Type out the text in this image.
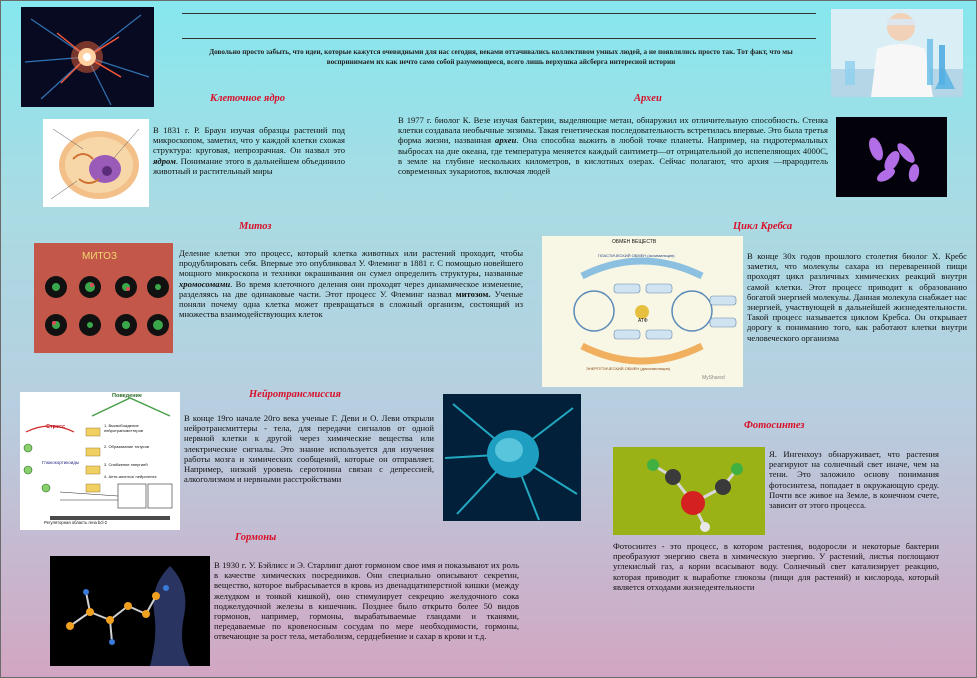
Довольно просто забыть, что идеи, которые кажутся очевидными для нас сегодня, веками оттачивались коллективом умных людей, а не появлялись просто так. Тот факт, что мы воспринимаем их как нечто само собой разумеющееся, всего лишь верхушка айсберга интересной истории
Клеточное ядро
В 1831 г. Р. Браун изучая образцы растений под микроскопом, заметил, что у каждой клетки схожая структура: круговая, непрозрачная. Он назвал это ядром. Понимание этого в дальнейшем объединило животный и растительный миры
Археи
В 1977 г. биолог К. Везе изучая бактерии, выделяющие метан, обнаружил их отличительную способность. Стенка клетки создавала необычные энзимы. Такая генетическая последовательность встретилась впервые. Это была третья форма жизни, названная археи. Она способна выжить в любой точке планеты. Например, на гидротермальных выбросах на дне океана, где температура меняется каждый сантиметр—от отрицательной до испепеляющих 4000С, в земле на глубине нескольких километров, в кислотных озерах. Сейчас полагают, что архия —прародитель современных эукариотов, включая людей
Митоз
МИТОЗ	Деление клетки это процесс, который клетка животных или растений проходит, чтобы продублировать себя. Впервые это опубликовал У. Флеминг в 1881 г. С помощью новейшего мощного микроскопа и техники окрашивания он сумел определить структуры, названные хромосомами. Во время клеточного деления они проходят через динамическое изменение, разделяясь на две одинаковые части. Этот процесс У. Флеминг назвал митозом. Ученые поняли почему одна клетка может превращаться в сложный организм, состоящий из множества взаимодействующих клеток
Цикл Кребса
ОБМЕН ВЕЩЕСТВ
ПЛАСТИЧЕСКИЙ ОБМЕН (ассимиляция)
АТФ
ЭНЕРГЕТИЧЕСКИЙ ОБМЕН (диссимиляция)
MyShared
В конце 30х годов прошлого столетия биолог Х. Кребс заметил, что молекулы сахара из переваренной пищи проходят цикл различных химических реакций внутри самой клетки. Этот процесс приводит к образованию богатой энергией молекулы. Данная молекула снабжает нас энергией, участвующей в дальнейшей жизнедеятельности. Такой процесс называется циклом Кребса. Он открывает дорогу к пониманию того, как работают клетки внутри человеческого организма
Нейротрансмиссия
Поведение
Стресс
Глюкокортикоиды
1. Высвобождение нейротрансмиттеров
2. Образование тонусов
3. Снабжение энергией
4. Анти-апоптоз/ нейрогенез
Регуляторная область гена bcl-2
В конце 19го начале 20го века ученые Г. Деви и О. Леви открыли нейротрансмиттеры - тела, для передачи сигналов от одной нервной клетки к другой через химические вещества или электрические сигналы. Это знание используется для изучения работы мозга и химических сообщений, которые он отправляет. Например, низкий уровень серотонина связан с депрессией, алкоголизмом и нервными расстройствами
Фотосинтез
Я. Ингенхоуз обнаруживает, что растения реагируют на солнечный свет иначе, чем на тени. Это заложило основу понимания фотосинтеза, попадает в окружающую среду. Почти все живое на Земле, в конечном счете, зависит от этого процесса.
Фотосинтез - это процесс, в котором растения, водоросли и некоторые бактерии преобразуют энергию света в химическую энергию. У растений, листья поглощают углекислый газ, а корни всасывают воду. Солнечный свет катализирует реакцию, которая приводит к выработке глюкозы (пищи для растений) и кислорода, который является отходами жизнедеятельности
Гормоны
В 1930 г. У. Бэйлисс и Э. Старлинг дают гормоном свое имя и показывают их роль в качестве химических посредников. Они специально описывают секретин, вещество, которое выбрасывается в кровь из двенадцатиперстной кишки (между желудком и тонкой кишкой), оно стимулирует секрецию желудочного сока поджелудочной железы в кишечник. Позднее было открыто более 50 видов гормонов, например, гормоны, вырабатываемые гландами и тканями, передаваемые по кровеносным сосудам по мере необходимости, гормоны, отвечающие за рост тела, метаболизм, сердцебиение и сахар в крови и т.д.
